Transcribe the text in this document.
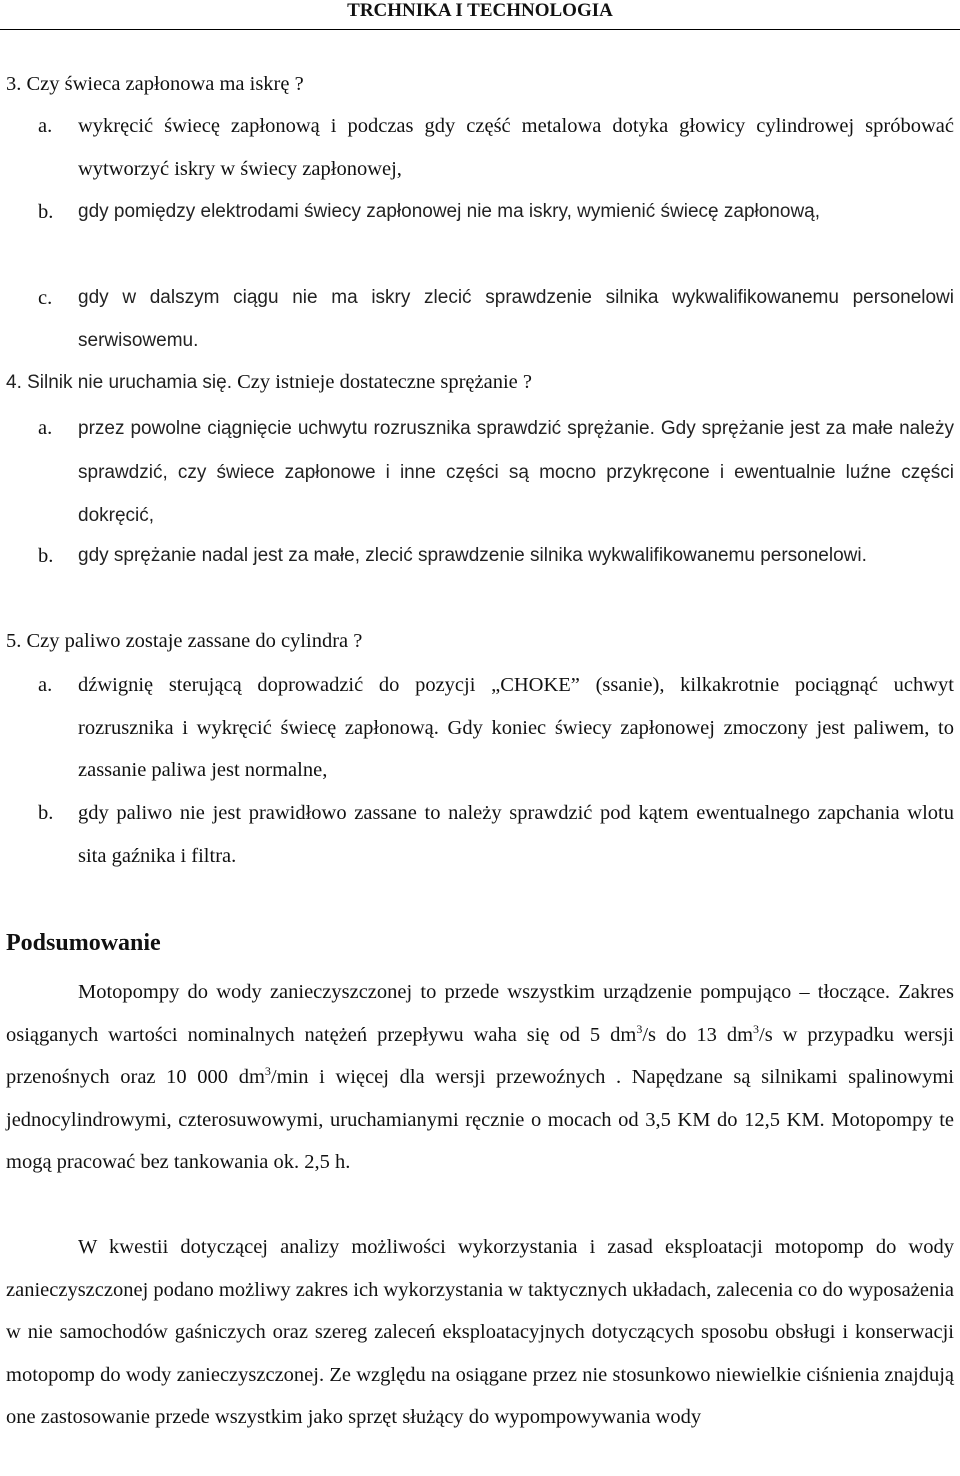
TRCHNIKA I TECHNOLOGIA
3. Czy świeca zapłonowa ma iskrę ?
a. wykręcić świecę zapłonową i podczas gdy część metalowa dotyka głowicy cylindrowej spróbować wytworzyć iskry w świecy zapłonowej,
b. gdy pomiędzy elektrodami świecy zapłonowej nie ma iskry, wymienić świecę zapłonową,
c. gdy w dalszym ciągu nie ma iskry zlecić sprawdzenie silnika wykwalifikowanemu personelowi serwisowemu.
4. Silnik nie uruchamia się. Czy istnieje dostateczne sprężanie ?
a. przez powolne ciągnięcie uchwytu rozrusznika sprawdzić sprężanie. Gdy sprężanie jest za małe należy sprawdzić, czy świece zapłonowe i inne części są mocno przykręcone i ewentualnie luźne części dokręcić,
b. gdy sprężanie nadal jest za małe, zlecić sprawdzenie silnika wykwalifikowanemu personelowi.
5. Czy paliwo zostaje zassane do cylindra ?
a. dźwignię sterującą doprowadzić do pozycji „CHOKE” (ssanie), kilkakrotnie pociągnąć uchwyt rozrusznika i wykręcić świecę zapłonową. Gdy koniec świecy zapłonowej zmoczony jest paliwem, to zassanie paliwa jest normalne,
b. gdy paliwo nie jest prawidłowo zassane to należy sprawdzić pod kątem ewentualnego zapchania wlotu sita gaźnika i filtra.
Podsumowanie
Motopompy do wody zanieczyszczonej to przede wszystkim urządzenie pompująco – tłoczące. Zakres osiąganych wartości nominalnych natężeń przepływu waha się od 5 $dm^3/s$ do 13 $dm^3/s$ w przypadku wersji przenośnych oraz 10 000 $dm^3/\min$ i więcej dla wersji przewoźnych . Napędzane są silnikami spalinowymi jednocylindrowymi, czterosuwowymi, uruchamianymi ręcznie o mocach od 3,5 KM do 12,5 KM. Motopompy te mogą pracować bez tankowania ok. 2,5 h.
W kwestii dotyczącej analizy możliwości wykorzystania i zasad eksploatacji motopomp do wody zanieczyszczonej podano możliwy zakres ich wykorzystania w taktycznych układach, zalecenia co do wyposażenia w nie samochodów gaśniczych oraz szereg zaleceń eksploatacyjnych dotyczących sposobu obsługi i konserwacji motopomp do wody zanieczyszczonej. Ze względu na osiągane przez nie stosunkowo niewielkie ciśnienia znajdują one zastosowanie przede wszystkim jako sprzęt służący do wypompowywania wody
